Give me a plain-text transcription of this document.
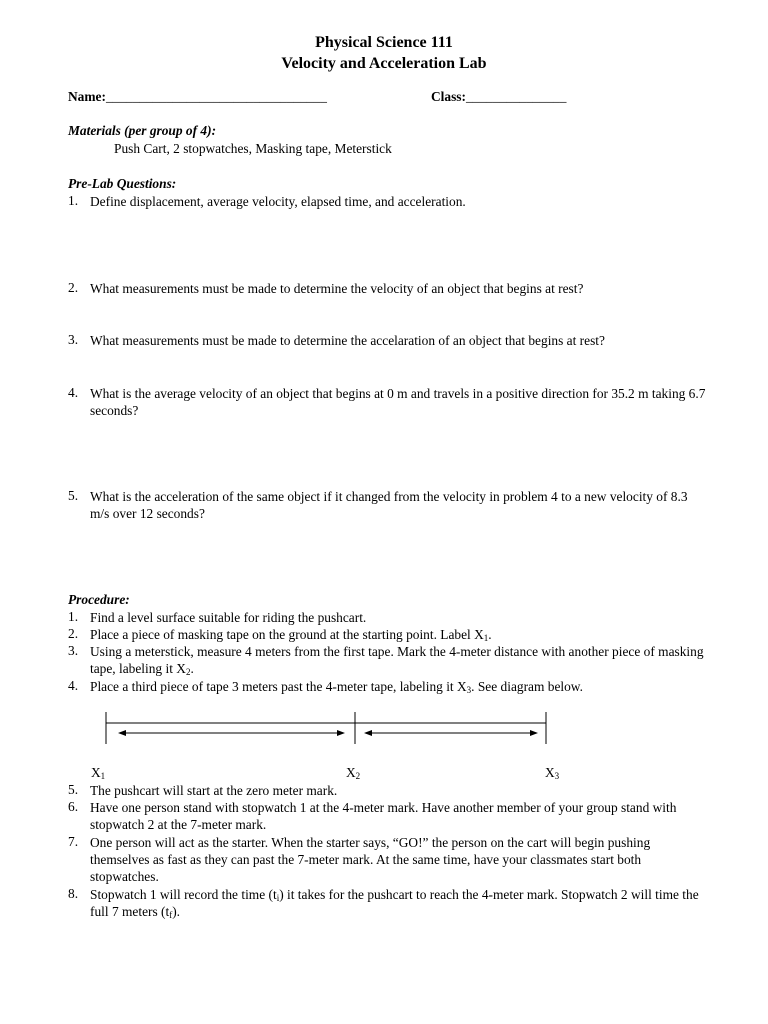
Physical Science 111
Velocity and Acceleration Lab
Name:_________________________________	Class:_______________
Materials (per group of 4):
Push Cart, 2 stopwatches, Masking tape, Meterstick
Pre-Lab Questions:
1. Define displacement, average velocity, elapsed time, and acceleration.
2. What measurements must be made to determine the velocity of an object that begins at rest?
3. What measurements must be made to determine the accelaration of an object that begins at rest?
4. What is the average velocity of an object that begins at 0 m and travels in a positive direction for 35.2 m taking 6.7 seconds?
5. What is the acceleration of the same object if it changed from the velocity in problem 4 to a new velocity of 8.3 m/s over 12 seconds?
Procedure:
1. Find a level surface suitable for riding the pushcart.
2. Place a piece of masking tape on the ground at the starting point. Label $X_1$.
3. Using a meterstick, measure 4 meters from the first tape. Mark the 4-meter distance with another piece of masking tape, labeling it $X_2$.
4. Place a third piece of tape 3 meters past the 4-meter tape, labeling it $X_3$. See diagram below.
$X_1$	$X_2$	$X_3$
5. The pushcart will start at the zero meter mark.
6. Have one person stand with stopwatch 1 at the 4-meter mark. Have another member of your group stand with stopwatch 2 at the 7-meter mark.
7. One person will act as the starter. When the starter says, “GO!” the person on the cart will begin pushing themselves as fast as they can past the 7-meter mark. At the same time, have your classmates start both stopwatches.
8. Stopwatch 1 will record the time $(t_i)$ it takes for the pushcart to reach the 4-meter mark. Stopwatch 2 will time the full 7 meters $(t_f)$.
